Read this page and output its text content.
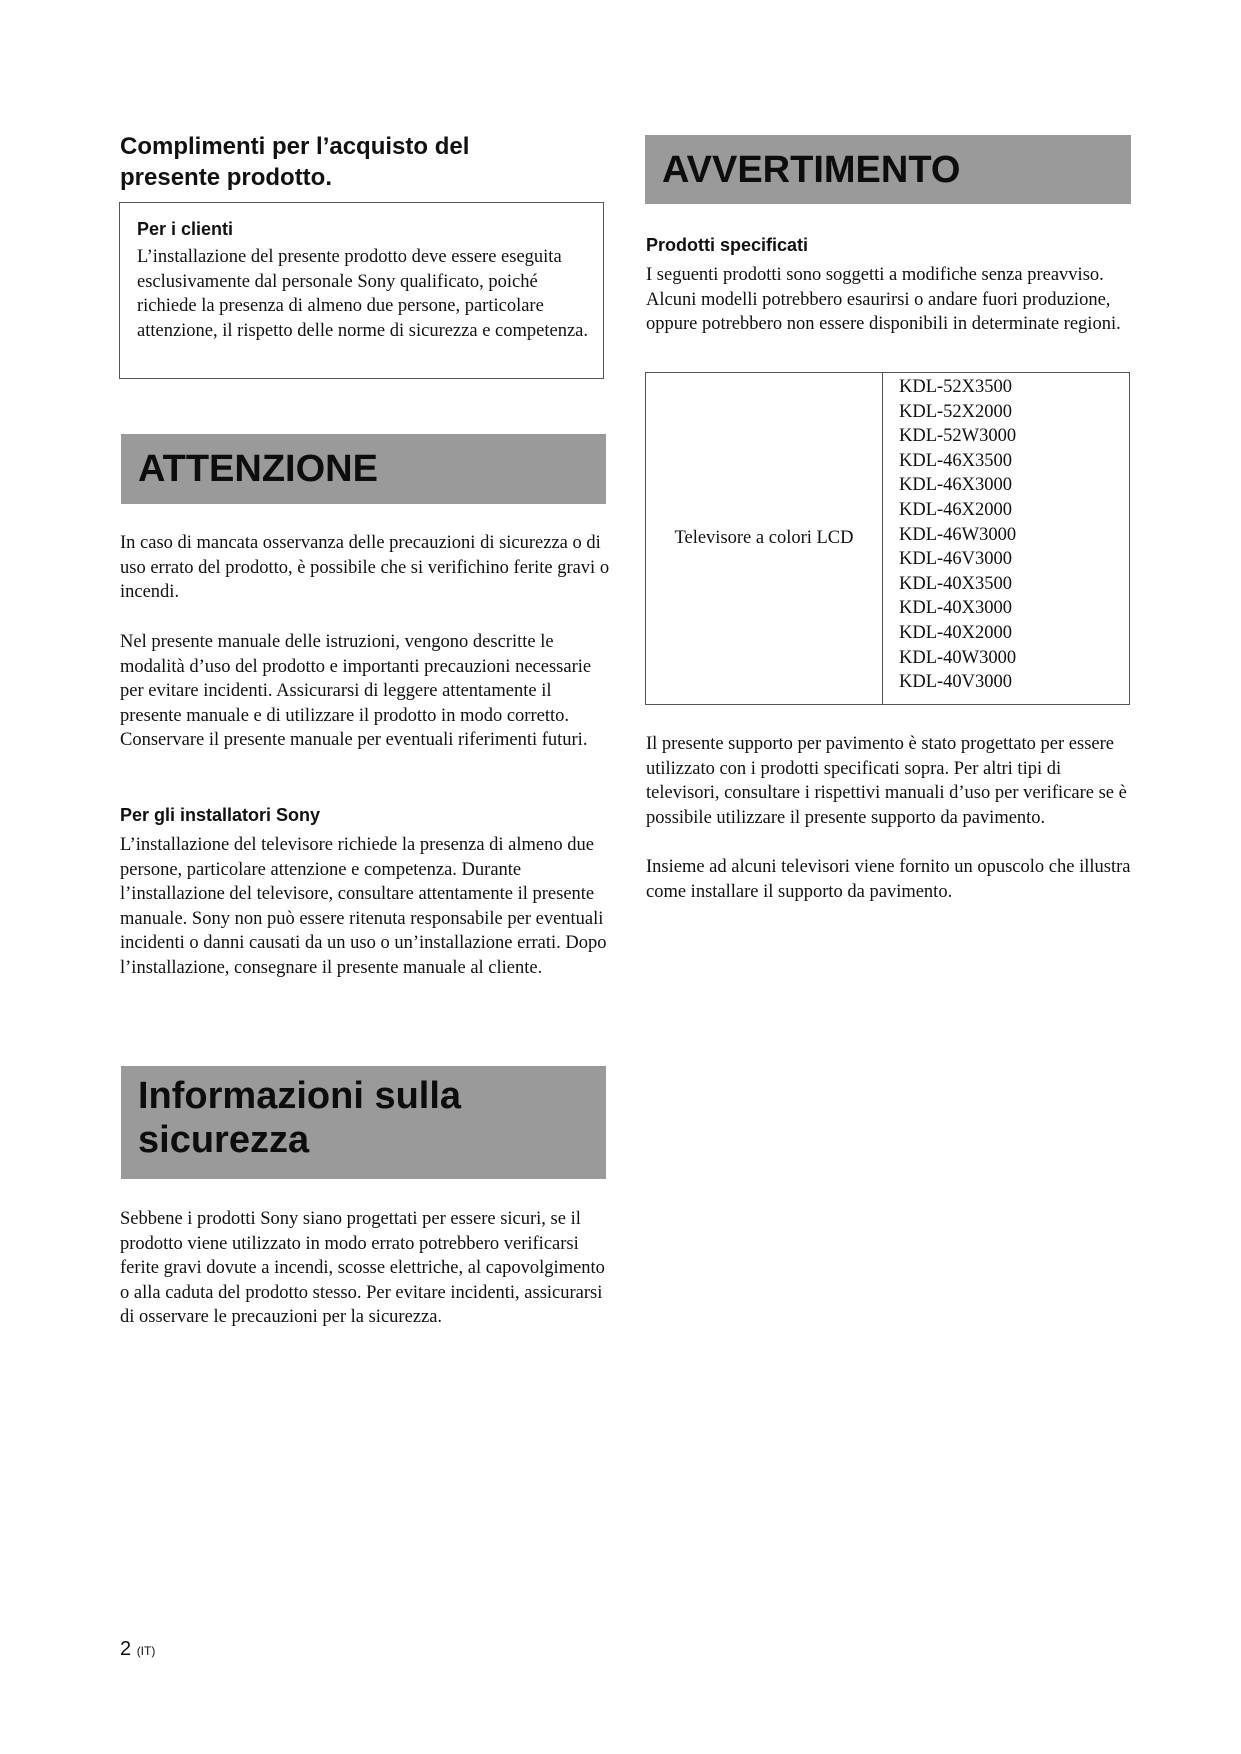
Complimenti per l’acquisto del presente prodotto.
Per i clienti

L’installazione del presente prodotto deve essere eseguita esclusivamente dal personale Sony qualificato, poiché richiede la presenza di almeno due persone, particolare attenzione, il rispetto delle norme di sicurezza e competenza.

ATTENZIONE

In caso di mancata osservanza delle precauzioni di sicurezza o di uso errato del prodotto, è possibile che si verifichino ferite gravi o incendi.

Nel presente manuale delle istruzioni, vengono descritte le modalità d’uso del prodotto e importanti precauzioni necessarie per evitare incidenti. Assicurarsi di leggere attentamente il presente manuale e di utilizzare il prodotto in modo corretto. Conservare il presente manuale per eventuali riferimenti futuri.

Per gli installatori Sony

L’installazione del televisore richiede la presenza di almeno due persone, particolare attenzione e competenza. Durante l’installazione del televisore, consultare attentamente il presente manuale. Sony non può essere ritenuta responsabile per eventuali incidenti o danni causati da un uso o un’installazione errati. Dopo l’installazione, consegnare il presente manuale al cliente.

Informazioni sulla sicurezza

Sebbene i prodotti Sony siano progettati per essere sicuri, se il prodotto viene utilizzato in modo errato potrebbero verificarsi ferite gravi dovute a incendi, scosse elettriche, al capovolgimento o alla caduta del prodotto stesso. Per evitare incidenti, assicurarsi di osservare le precauzioni per la sicurezza.

AVVERTIMENTO
Prodotti specificati

I seguenti prodotti sono soggetti a modifiche senza preavviso. Alcuni modelli potrebbero esaurirsi o andare fuori produzione, oppure potrebbero non essere disponibili in determinate regioni.

Televisore a colori LCD	
KDL-52X3500
KDL-52X2000
KDL-52W3000
KDL-46X3500
KDL-46X3000
KDL-46X2000
KDL-46W3000
KDL-46V3000
KDL-40X3500
KDL-40X3000
KDL-40X2000
KDL-40W3000
KDL-40V3000

Il presente supporto per pavimento è stato progettato per essere utilizzato con i prodotti specificati sopra. Per altri tipi di televisori, consultare i rispettivi manuali d’uso per verificare se è possibile utilizzare il presente supporto da pavimento.

Insieme ad alcuni televisori viene fornito un opuscolo che illustra come installare il supporto da pavimento.

2 (IT)
